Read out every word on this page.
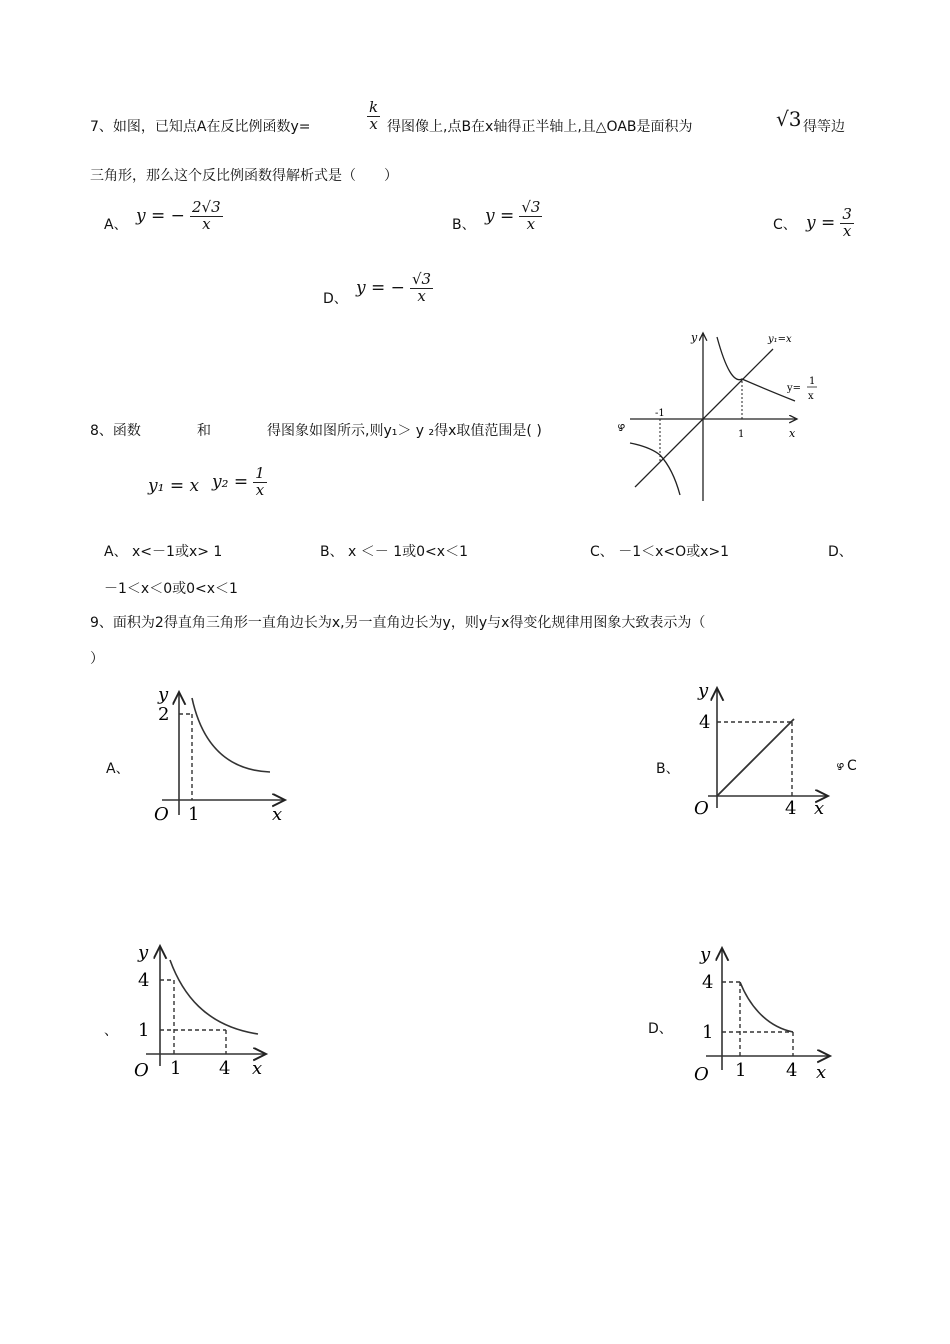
7、如图，已知点A在反比例函数y=	$\frac{k}{x}$ 得图像上,点B在x轴得正半轴上,且△OAB是面积为	√3 得等边
三角形，那么这个反比例函数得解析式是（　　）
A、 y = − $\frac{2√3}{x}$	B、 $y = \frac{√3}{x}$	C、 $y = \frac{3}{x}$
D、
y = − $\frac{√3}{x}$
8、函数	和	得图象如图所示,则y₁＞ y ₂得x取值范围是( )	ഴ
y₁ = x $y_2 = \frac{1}{x}$
y
x
y₁=x
y=
1
x
-1
1
A、 x<－1或x> 1	B、 x ＜－ 1或0<x＜1	C、 －1＜x<O或x>1	D、
－1＜x＜0或0<x＜1
9、面积为2得直角三角形一直角边长为x,另一直角边长为y，则y与x得变化规律用图象大致表示为（
）
A、
y
x
O 1
2
B、
y
x
O	4
4
ഴ C
、
y
x
O 1 4
4
1	D、
y
x
O 1 4
4
1
